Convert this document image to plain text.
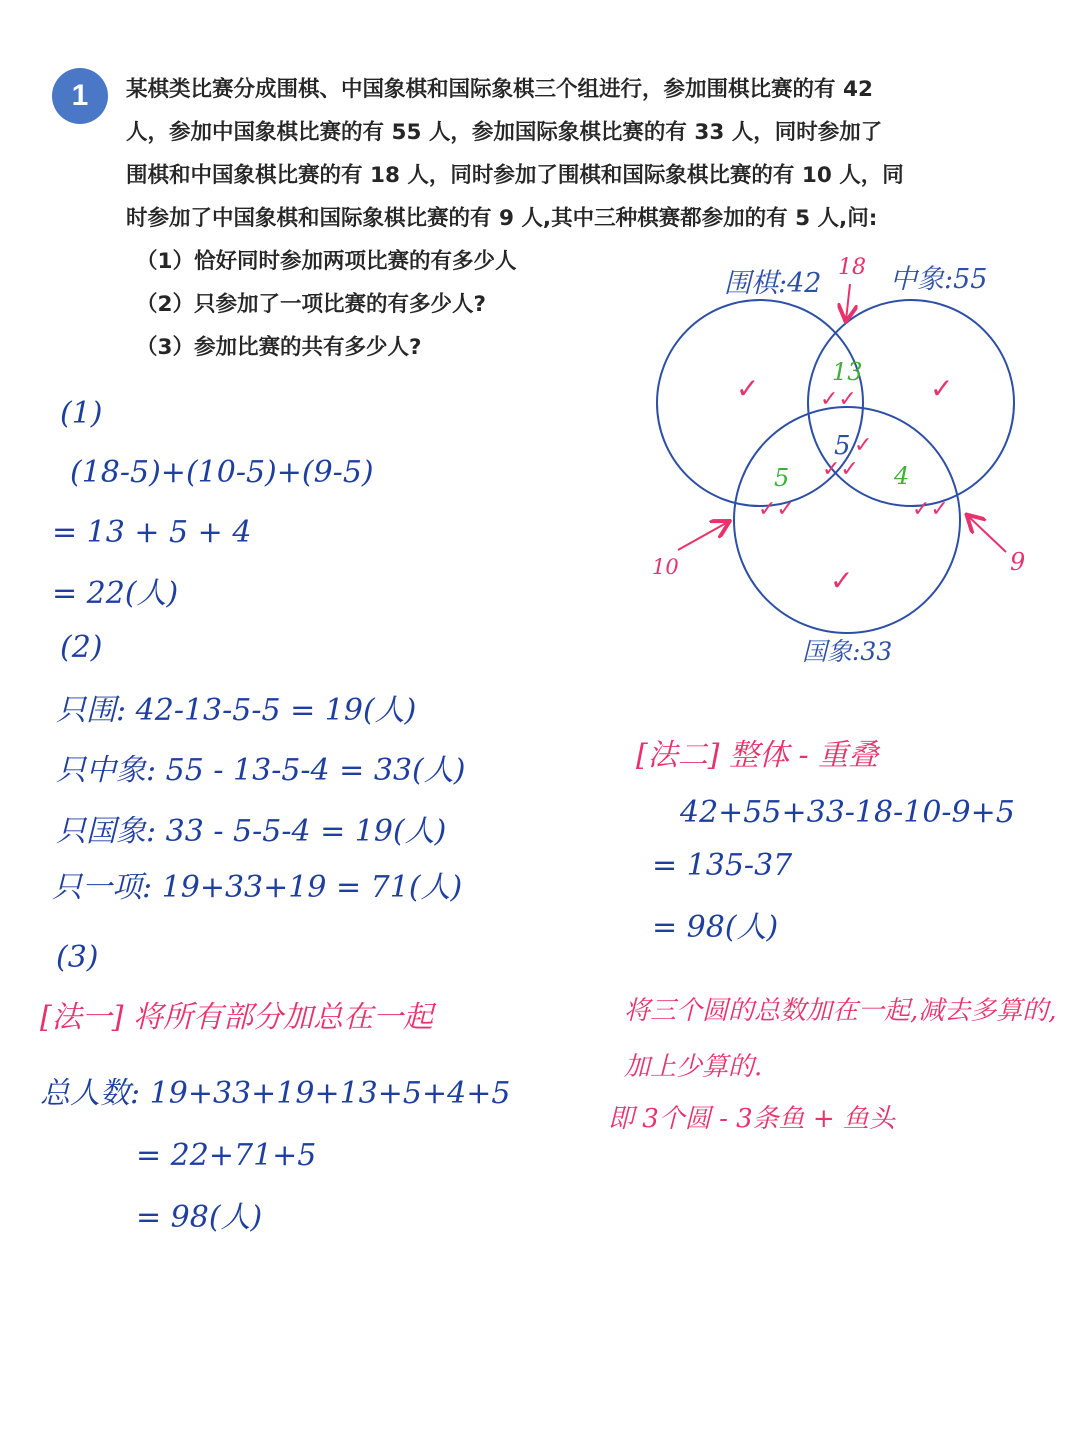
1	某棋类比赛分成围棋、中国象棋和国际象棋三个组进行，参加围棋比赛的有 42

人，参加中国象棋比赛的有 55 人，参加国际象棋比赛的有 33 人，同时参加了

围棋和中国象棋比赛的有 18 人，同时参加了围棋和国际象棋比赛的有 10 人，同

时参加了中国象棋和国际象棋比赛的有 9 人,其中三种棋赛都参加的有 5 人,问:

（1）恰好同时参加两项比赛的有多少人
（2）只参加了一项比赛的有多少人?
（3）参加比赛的共有多少人?
围棋:42	中象:55
国象:33
18
10	9
13
5
5	4
✓	✓
✓✓
✓
✓✓
✓✓	✓✓
✓
(1)
(18-5)+(10-5)+(9-5)
= 13 + 5 + 4
= 22(人)
(2)
只围: 42-13-5-5 = 19(人)
只中象: 55 - 13-5-4 = 33(人)
只国象: 33 - 5-5-4 = 19(人)
只一项: 19+33+19 = 71(人)
(3)
[法一] 将所有部分加总在一起
总人数: 19+33+19+13+5+4+5
= 22+71+5
= 98(人)
[法二] 整体 - 重叠
42+55+33-18-10-9+5
= 135-37
= 98(人)
将三个圆的总数加在一起,减去多算的,
加上少算的.
即 3个圆 - 3条鱼 + 鱼头
